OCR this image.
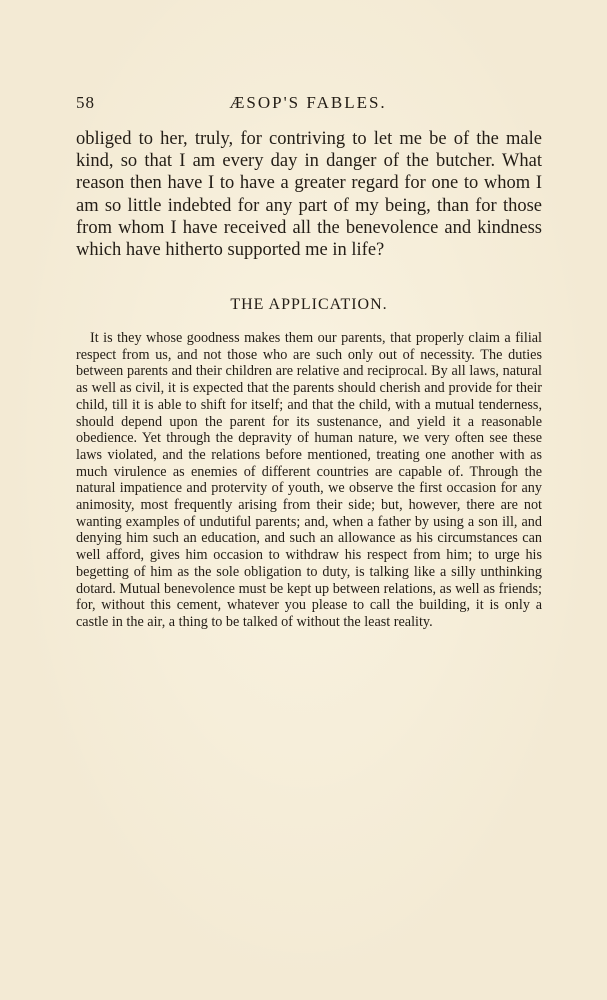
58	ÆSOP'S FABLES.

obliged to her, truly, for contriving to let me be of the male kind, so that I am every day in danger of the butcher. What reason then have I to have a greater regard for one to whom I am so little indebted for any part of my being, than for those from whom I have received all the benevolence and kindness which have hitherto supported me in life?

THE APPLICATION.

It is they whose goodness makes them our parents, that properly claim a filial respect from us, and not those who are such only out of necessity. The duties between parents and their children are relative and reciprocal. By all laws, natural as well as civil, it is expected that the parents should cherish and provide for their child, till it is able to shift for itself; and that the child, with a mutual tenderness, should depend upon the parent for its sustenance, and yield it a reasonable obedience. Yet through the depravity of human nature, we very often see these laws violated, and the relations before mentioned, treating one another with as much virulence as enemies of different countries are capable of. Through the natural impatience and protervity of youth, we observe the first occasion for any animosity, most frequently arising from their side; but, however, there are not wanting examples of undutiful parents; and, when a father by using a son ill, and denying him such an education, and such an allowance as his circumstances can well afford, gives him occasion to withdraw his respect from him; to urge his begetting of him as the sole obligation to duty, is talking like a silly unthinking dotard. Mutual benevolence must be kept up between relations, as well as friends; for, without this cement, whatever you please to call the building, it is only a castle in the air, a thing to be talked of without the least reality.
